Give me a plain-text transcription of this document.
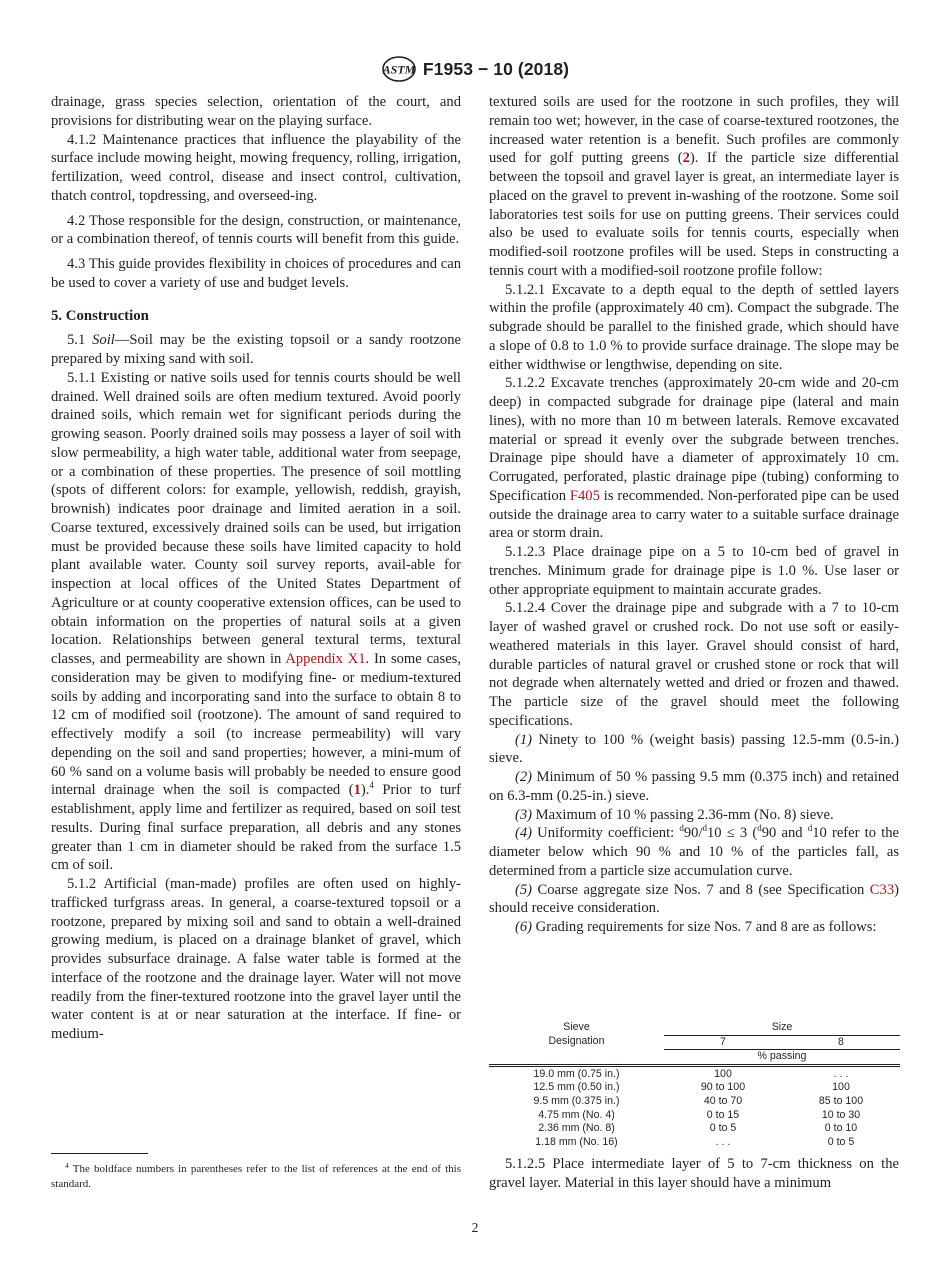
ASTM F1953 − 10 (2018)

drainage, grass species selection, orientation of the court, and provisions for distributing wear on the playing surface.

4.1.2 Maintenance practices that influence the playability of the surface include mowing height, mowing frequency, rolling, irrigation, fertilization, weed control, disease and insect control, cultivation, thatch control, topdressing, and overseed-ing.

4.2 Those responsible for the design, construction, or maintenance, or a combination thereof, of tennis courts will benefit from this guide.

4.3 This guide provides flexibility in choices of procedures and can be used to cover a variety of use and budget levels.

5. Construction

5.1 Soil—Soil may be the existing topsoil or a sandy rootzone prepared by mixing sand with soil.

5.1.1 Existing or native soils used for tennis courts should be well drained. Well drained soils are often medium textured. Avoid poorly drained soils, which remain wet for significant periods during the growing season. Poorly drained soils may possess a layer of soil with slow permeability, a high water table, additional water from seepage, or a combination of these properties. The presence of soil mottling (spots of different colors: for example, yellowish, reddish, grayish, brownish) indicates poor drainage and limited aeration in a soil. Coarse textured, excessively drained soils can be used, but irrigation must be provided because these soils have limited capacity to hold plant available water. County soil survey reports, avail-able for inspection at local offices of the United States Department of Agriculture or at county cooperative extension offices, can be used to obtain information on the properties of natural soils at a given location. Relationships between general textural terms, textural classes, and permeability are shown in Appendix X1. In some cases, consideration may be given to modifying fine- or medium-textured soils by adding and incorporating sand into the surface to obtain 8 to 12 cm of modified soil (rootzone). The amount of sand required to effectively modify a soil (to increase permeability) will vary depending on the soil and sand properties; however, a mini-mum of 60 % sand on a volume basis will probably be needed to ensure good internal drainage when the soil is compacted (1).$^4$ Prior to turf establishment, apply lime and fertilizer as required, based on soil test results. During final surface preparation, all debris and any stones greater than 1 cm in diameter should be raked from the surface 1.5 cm of soil.

5.1.2 Artificial (man-made) profiles are often used on highly-trafficked turfgrass areas. In general, a coarse-textured topsoil or a rootzone, prepared by mixing soil and sand to obtain a well-drained growing medium, is placed on a drainage blanket of gravel, which provides subsurface drainage. A false water table is formed at the interface of the rootzone and the drainage layer. Water will not move readily from the finer-textured rootzone into the gravel layer until the water content is at or near saturation at the interface. If fine- or medium-

$^4$ The boldface numbers in parentheses refer to the list of references at the end of this standard.

textured soils are used for the rootzone in such profiles, they will remain too wet; however, in the case of coarse-textured rootzones, the increased water retention is a benefit. Such profiles are commonly used for golf putting greens (2). If the particle size differential between the topsoil and gravel layer is great, an intermediate layer is placed on the gravel to prevent in-washing of the rootzone. Some soil laboratories test soils for use on putting greens. Their services could also be used to evaluate soils for tennis courts, especially when modified-soil rootzone profiles will be used. Steps in constructing a tennis court with a modified-soil rootzone profile follow:

5.1.2.1 Excavate to a depth equal to the depth of settled layers within the profile (approximately 40 cm). Compact the subgrade. The subgrade should be parallel to the finished grade, which should have a slope of 0.8 to 1.0 % to provide surface drainage. The slope may be either widthwise or lengthwise, depending on site.

5.1.2.2 Excavate trenches (approximately 20-cm wide and 20-cm deep) in compacted subgrade for drainage pipe (lateral and main lines), with no more than 10 m between laterals. Remove excavated material or spread it evenly over the subgrade between trenches. Drainage pipe should have a diameter of approximately 10 cm. Corrugated, perforated, plastic drainage pipe (tubing) conforming to Specification F405 is recommended. Non-perforated pipe can be used outside the drainage area to carry water to a suitable surface drainage area or storm drain.

5.1.2.3 Place drainage pipe on a 5 to 10-cm bed of gravel in trenches. Minimum grade for drainage pipe is 1.0 %. Use laser or other appropriate equipment to maintain accurate grades.

5.1.2.4 Cover the drainage pipe and subgrade with a 7 to 10-cm layer of washed gravel or crushed rock. Do not use soft or easily-weathered materials in this layer. Gravel should consist of hard, durable particles of natural gravel or crushed stone or rock that will not degrade when alternately wetted and dried or frozen and thawed. The particle size of the gravel should meet the following specifications.

(1) Ninety to 100 % (weight basis) passing 12.5-mm (0.5-in.) sieve.

(2) Minimum of 50 % passing 9.5 mm (0.375 inch) and retained on 6.3-mm (0.25-in.) sieve.

(3) Maximum of 10 % passing 2.36-mm (No. 8) sieve.

(4) Uniformity coefficient: $^d$90/$^d$10 ≤ 3 ($^d$90 and $^d$10 refer to the diameter below which 90 % and 10 % of the particles fall, as determined from a particle size accumulation curve.

(5) Coarse aggregate size Nos. 7 and 8 (see Specification C33) should receive consideration.

(6) Grading requirements for size Nos. 7 and 8 are as follows:

Sieve
Designation	Size	
	7	8
	% passing	
19.0 mm (0.75 in.)	100	. . .
12.5 mm (0.50 in.)	90 to 100	100
9.5 mm (0.375 in.)	40 to 70	85 to 100
4.75 mm (No. 4)	0 to 15	10 to 30
2.36 mm (No. 8)	0 to 5	0 to 10
1.18 mm (No. 16)	. . .	0 to 5

5.1.2.5 Place intermediate layer of 5 to 7-cm thickness on the gravel layer. Material in this layer should have a minimum

2
